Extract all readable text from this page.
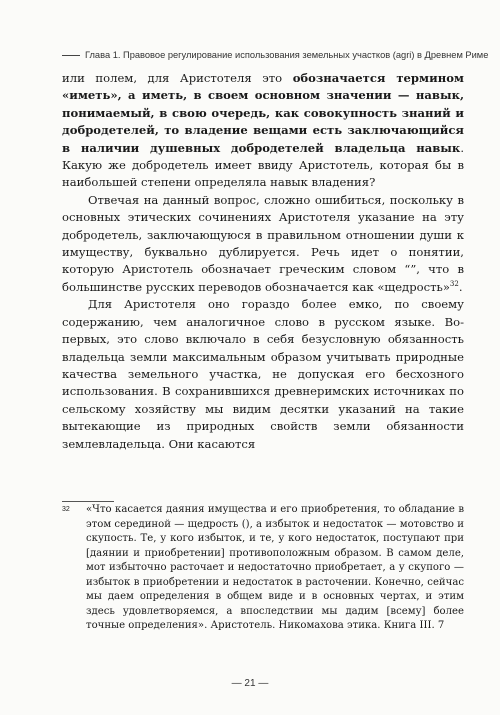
Глава 1. Правовое регулирование использования земельных участков (agri) в Древнем Риме

или полем, для Аристотеля это обозначается термином «иметь», а иметь, в своем основном значении — навык, понимаемый, в свою очередь, как совокупность знаний и добродетелей, то владение вещами есть заключающийся в наличии душевных добродетелей владельца навык. Какую же добродетель имеет ввиду Аристотель, которая бы в наибольшей степени определяла навык владения?

Отвечая на данный вопрос, сложно ошибиться, поскольку в основных этических сочинениях Аристотеля указание на эту добродетель, заключающуюся в правильном отношении души к имуществу, буквально дублируется. Речь идет о понятии, которую Аристотель обозначает греческим словом “”, что в большинстве русских переводов обозначается как «щедрость»$^{32}$.

Для Аристотеля оно гораздо более емко, по своему содержанию, чем аналогичное слово в русском языке. Во-первых, это слово включало в себя безусловную обязанность владельца земли максимальным образом учитывать природные качества земельного участка, не допуская его бесхозного использования. В сохранившихся древнеримских источниках по сельскому хозяйству мы видим десятки указаний на такие вытекающие из природных свойств земли обязанности землевладельца. Они касаются

32	«Что касается даяния имущества и его приобретения, то обладание в этом серединой — щедрость (), а избыток и недостаток — мотовство и скупость. Те, у кого избыток, и те, у кого недостаток, поступают при [даянии и приобретении] противоположным образом. В самом деле, мот избыточно расточает и недостаточно приобретает, а у скупого — избыток в приобретении и недостаток в расточении. Конечно, сейчас мы даем определения в общем виде и в основных чертах, и этим здесь удовлетворяемся, а впоследствии мы дадим [всему] более точные определения». Аристотель. Никомахова этика. Книга III. 7
— 21 —
